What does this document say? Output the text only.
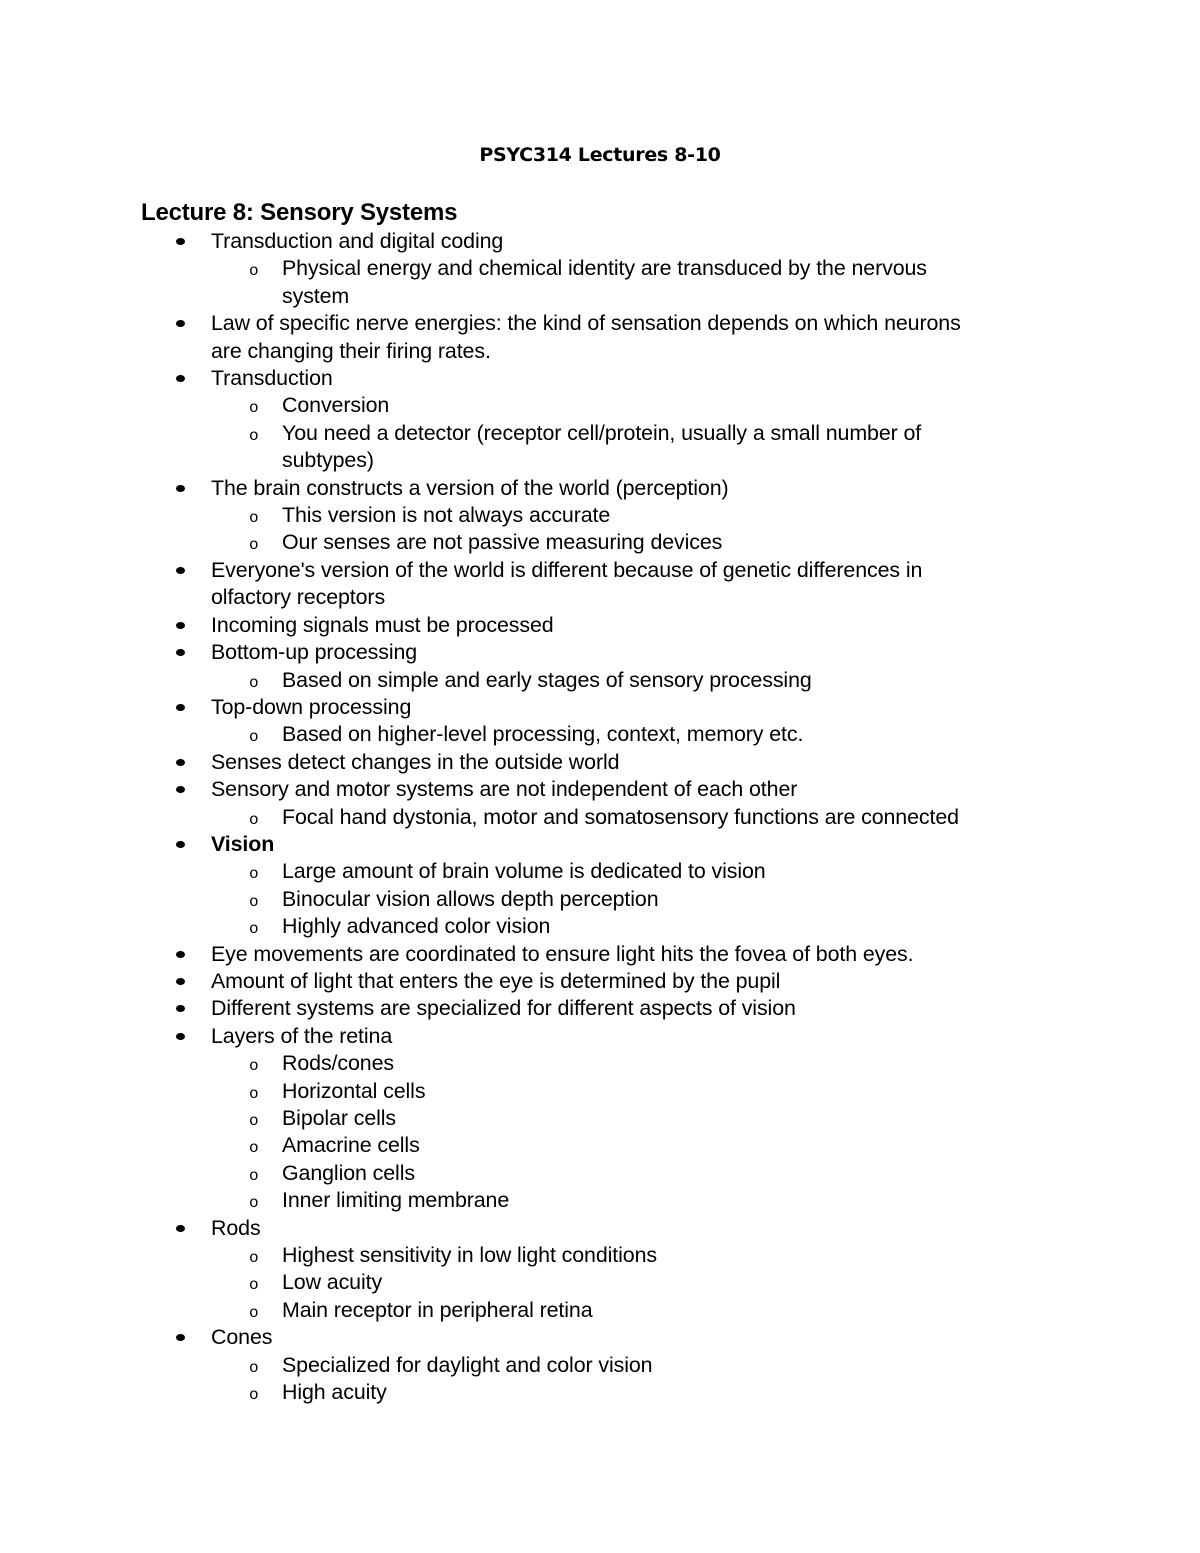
PSYC314 Lectures 8-10
Lecture 8: Sensory Systems
Transduction and digital coding
o Physical energy and chemical identity are transduced by the nervous
system
Law of specific nerve energies: the kind of sensation depends on which neurons
are changing their firing rates.
Transduction
o Conversion
o You need a detector (receptor cell/protein, usually a small number of
subtypes)
The brain constructs a version of the world (perception)
o This version is not always accurate
o Our senses are not passive measuring devices
Everyone's version of the world is different because of genetic differences in
olfactory receptors
Incoming signals must be processed
Bottom-up processing
o Based on simple and early stages of sensory processing
Top-down processing
o Based on higher-level processing, context, memory etc.
Senses detect changes in the outside world
Sensory and motor systems are not independent of each other
o Focal hand dystonia, motor and somatosensory functions are connected
Vision
o Large amount of brain volume is dedicated to vision
o Binocular vision allows depth perception
o Highly advanced color vision
Eye movements are coordinated to ensure light hits the fovea of both eyes.
Amount of light that enters the eye is determined by the pupil
Different systems are specialized for different aspects of vision
Layers of the retina
o Rods/cones
o Horizontal cells
o Bipolar cells
o Amacrine cells
o Ganglion cells
o Inner limiting membrane
Rods
o Highest sensitivity in low light conditions
o Low acuity
o Main receptor in peripheral retina
Cones
o Specialized for daylight and color vision
o High acuity
